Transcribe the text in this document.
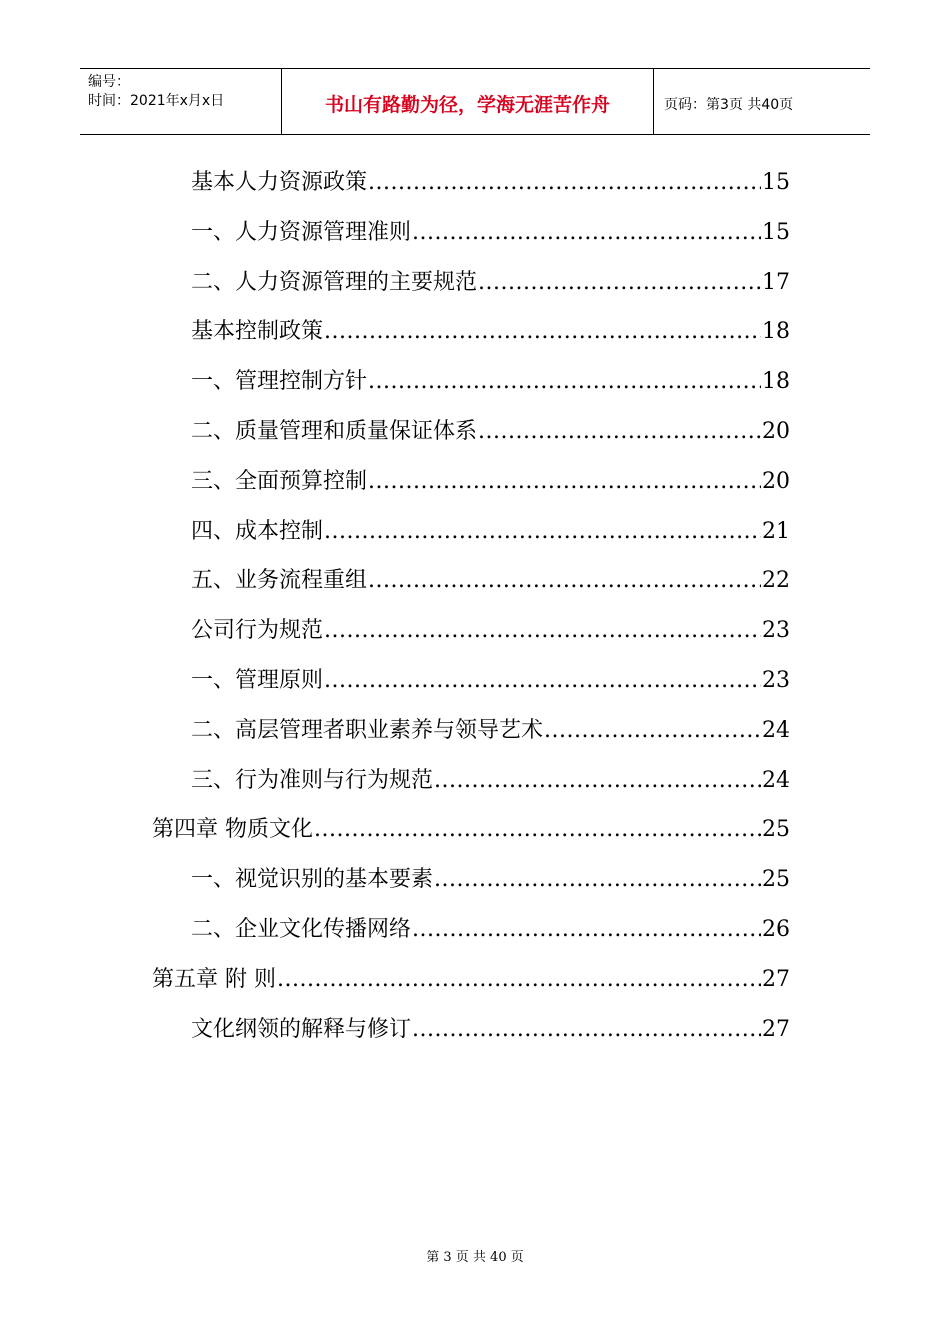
编号：
时间：2021年x月x日	书山有路勤为径，学海无涯苦作舟	页码：第3页 共40页
基本人力资源政策 .....	15
一、人力资源管理准则 .....	15
二、人力资源管理的主要规范 .....	17
基本控制政策 .....	18
一、管理控制方针 .....	18
二、质量管理和质量保证体系 .....	20
三、全面预算控制 .....	20
四、成本控制 .....	21
五、业务流程重组 .....	22
公司行为规范 .....	23
一、管理原则 .....	23
二、高层管理者职业素养与领导艺术 .....	24
三、行为准则与行为规范 .....	24
第四章 物质文化 .....	25
一、视觉识别的基本要素 .....	25
二、企业文化传播网络 .....	26
第五章 附 则 .....	27
文化纲领的解释与修订 .....	27
第 3 页 共 40 页
